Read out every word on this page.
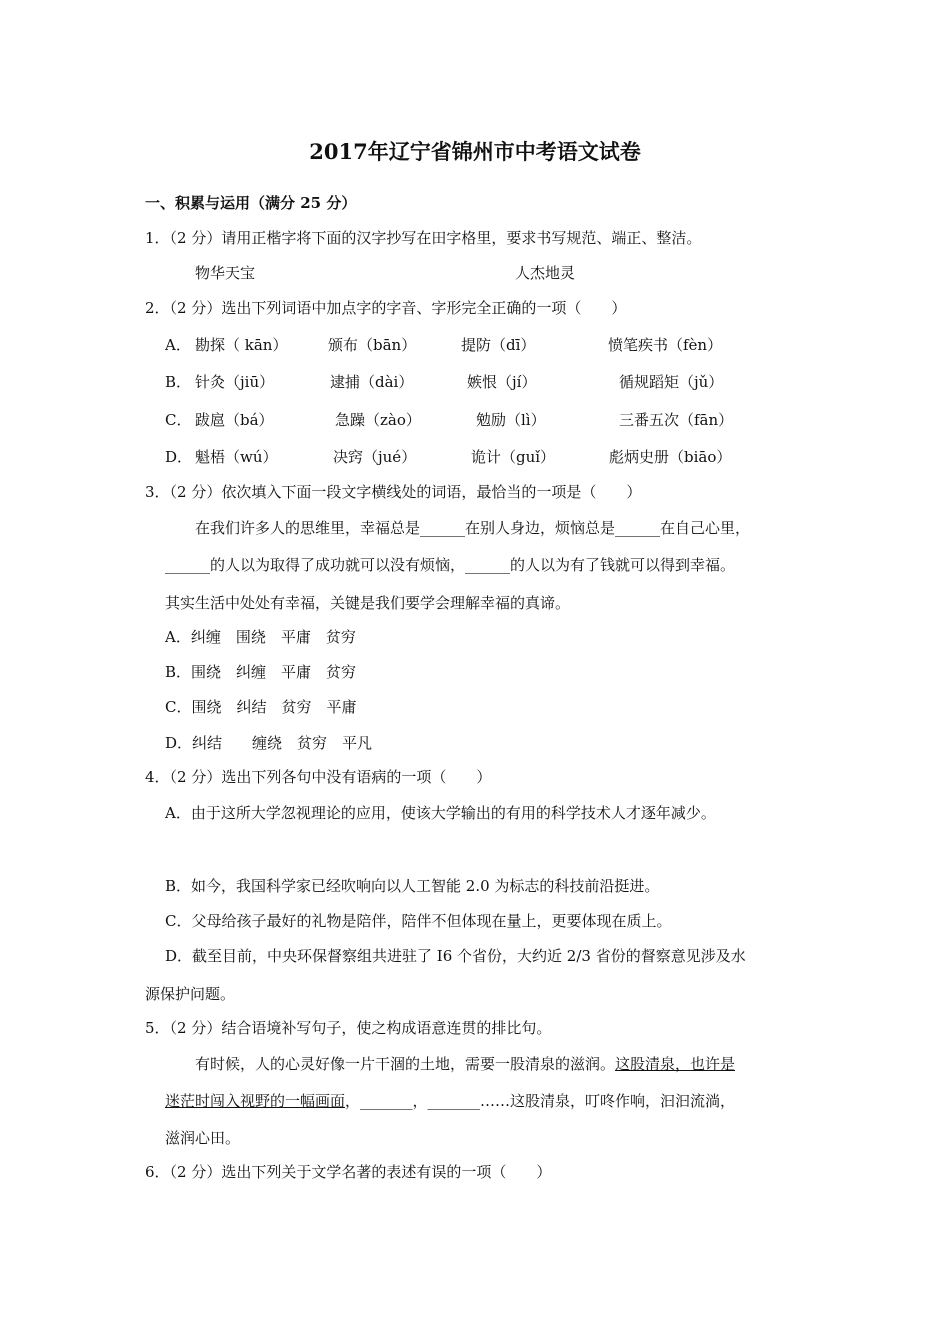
2017年辽宁省锦州市中考语文试卷
一、积累与运用（满分 25 分）
1．（2 分）请用正楷字将下面的汉字抄写在田字格里，要求书写规范、端正、整洁。
物华天宝	人杰地灵
2．（2 分）选出下列词语中加点字的字音、字形完全正确的一项（　　）
A． 勘探（ kān）	颁布（bān）	提防（dī）	愤笔疾书（fèn）
B． 针灸（jiū）	逮捕（dài）	嫉恨（jí）	循规蹈矩（jǔ）
C． 跋扈（bá）	急躁（zào）	勉励（lì）	三番五次（fān）
D． 魁梧（wú）	决窍（jué）	诡计（guǐ）	彪炳史册（biāo）
3．（2 分）依次填入下面一段文字横线处的词语，最恰当的一项是（　　）
在我们许多人的思维里，幸福总是______在别人身边，烦恼总是______在自己心里，
______的人以为取得了成功就可以没有烦恼，______的人以为有了钱就可以得到幸福。
其实生活中处处有幸福，关键是我们要学会理解幸福的真谛。
A．纠缠　围绕　平庸　贫穷
B．围绕　纠缠　平庸　贫穷
C．围绕　纠结　贫穷　平庸
D．纠结　　缠绕　贫穷　平凡
4．（2 分）选出下列各句中没有语病的一项（　　）
A．由于这所大学忽视理论的应用，使该大学输出的有用的科学技术人才逐年减少。
B．如今，我国科学家已经吹响向以人工智能 2.0 为标志的科技前沿挺进。
C．父母给孩子最好的礼物是陪伴，陪伴不但体现在量上，更要体现在质上。
D．截至目前，中央环保督察组共进驻了 I6 个省份，大约近 2/3 省份的督察意见涉及水
源保护问题。
5．（2 分）结合语境补写句子，使之构成语意连贯的排比句。
有时候，人的心灵好像一片干涸的土地，需要一股清泉的滋润。这股清泉，也许是
迷茫时闯入视野的一幅画面，_______，_______……这股清泉，叮咚作响，汩汩流淌，
滋润心田。
6．（2 分）选出下列关于文学名著的表述有误的一项（　　）
